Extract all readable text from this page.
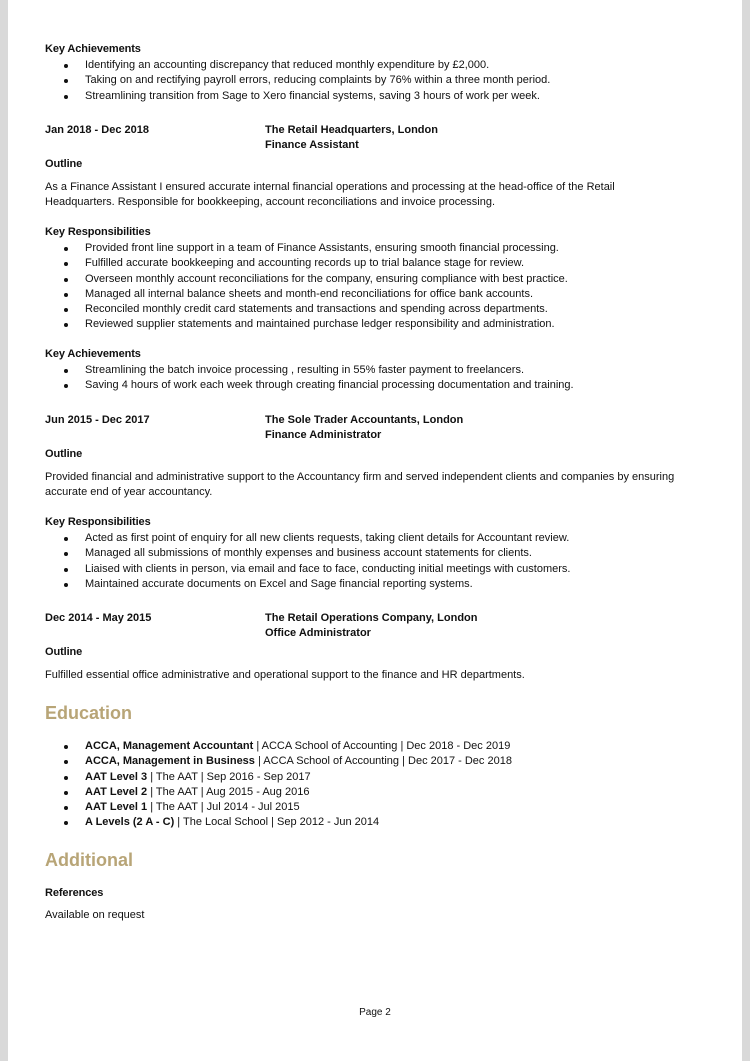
Key Achievements
Identifying an accounting discrepancy that reduced monthly expenditure by £2,000.
Taking on and rectifying payroll errors, reducing complaints by 76% within a three month period.
Streamlining transition from Sage to Xero financial systems, saving 3 hours of work per week.
Jan 2018 - Dec 2018	The Retail Headquarters, London
Finance Assistant
Outline
As a Finance Assistant I ensured accurate internal financial operations and processing at the head-office of the Retail Headquarters. Responsible for bookkeeping, account reconciliations and invoice processing.
Key Responsibilities
Provided front line support in a team of Finance Assistants, ensuring smooth financial processing.
Fulfilled accurate bookkeeping and accounting records up to trial balance stage for review.
Overseen monthly account reconciliations for the company, ensuring compliance with best practice.
Managed all internal balance sheets and month-end reconciliations for office bank accounts.
Reconciled monthly credit card statements and transactions and spending across departments.
Reviewed supplier statements and maintained purchase ledger responsibility and administration.
Key Achievements
Streamlining the batch invoice processing , resulting in 55% faster payment to freelancers.
Saving 4 hours of work each week through creating financial processing documentation and training.
Jun 2015 - Dec 2017	The Sole Trader Accountants, London
Finance Administrator
Outline
Provided financial and administrative support to the Accountancy firm and served independent clients and companies by ensuring accurate end of year accountancy.
Key Responsibilities
Acted as first point of enquiry for all new clients requests, taking client details for Accountant review.
Managed all submissions of monthly expenses and business account statements for clients.
Liaised with clients in person, via email and face to face, conducting initial meetings with customers.
Maintained accurate documents on Excel and Sage financial reporting systems.
Dec 2014 - May 2015	The Retail Operations Company, London
Office Administrator
Outline
Fulfilled essential office administrative and operational support to the finance and HR departments.
Education
ACCA, Management Accountant | ACCA School of Accounting | Dec 2018 - Dec 2019
ACCA, Management in Business | ACCA School of Accounting | Dec 2017 - Dec 2018
AAT Level 3 | The AAT | Sep 2016 - Sep 2017
AAT Level 2 | The AAT | Aug 2015 - Aug 2016
AAT Level 1 | The AAT | Jul 2014 - Jul 2015
A Levels (2 A - C) | The Local School | Sep 2012 - Jun 2014
Additional
References
Available on request
Page 2
